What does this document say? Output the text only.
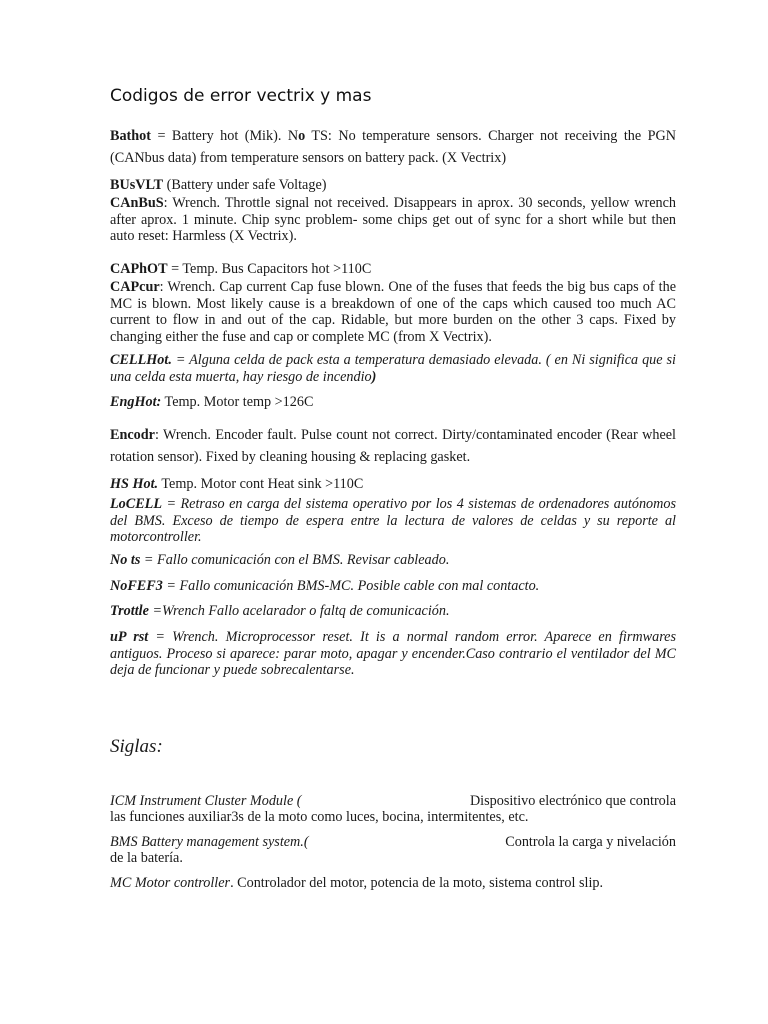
Codigos de error vectrix y mas
Bathot = Battery hot (Mik). No TS: No temperature sensors. Charger not receiving the PGN (CANbus data) from temperature sensors on battery pack. (X Vectrix)
BUsVLT (Battery under safe Voltage)
CAnBuS: Wrench. Throttle signal not received. Disappears in aprox. 30 seconds, yellow wrench after aprox. 1 minute. Chip sync problem- some chips get out of sync for a short while but then auto reset: Harmless (X Vectrix).
CAPhOT = Temp. Bus Capacitors hot >110C
CAPcur: Wrench. Cap current Cap fuse blown. One of the fuses that feeds the big bus caps of the MC is blown. Most likely cause is a breakdown of one of the caps which caused too much AC current to flow in and out of the cap. Ridable, but more burden on the other 3 caps. Fixed by changing either the fuse and cap or complete MC (from X Vectrix).
CELLHot. = Alguna celda de pack esta a temperatura demasiado elevada. ( en Ni significa que si una celda esta muerta, hay riesgo de incendio)
EngHot: Temp. Motor temp >126C
Encodr: Wrench. Encoder fault. Pulse count not correct. Dirty/contaminated encoder (Rear wheel rotation sensor). Fixed by cleaning housing & replacing gasket.
HS Hot. Temp. Motor cont Heat sink >110C
LoCELL = Retraso en carga del sistema operativo por los 4 sistemas de ordenadores autónomos del BMS. Exceso de tiempo de espera entre la lectura de valores de celdas y su reporte al motorcontroller.
No ts = Fallo comunicación con el BMS. Revisar cableado.
NoFEF3 = Fallo comunicación BMS-MC. Posible cable con mal contacto.
Trottle =Wrench Fallo acelarador o faltq de comunicación.
uP rst = Wrench. Microprocessor reset. It is a normal random error. Aparece en firmwares antiguos. Proceso si aparece: parar moto, apagar y encender.Caso contrario el ventilador del MC deja de funcionar y puede sobrecalentarse.
Siglas:
ICM Instrument Cluster Module (	Dispositivo electrónico que controla
las funciones auxiliar3s de la moto como luces, bocina, intermitentes, etc.
BMS Battery management system.(	Controla la carga y nivelación
de la batería.
MC Motor controller. Controlador del motor, potencia de la moto, sistema control slip.
